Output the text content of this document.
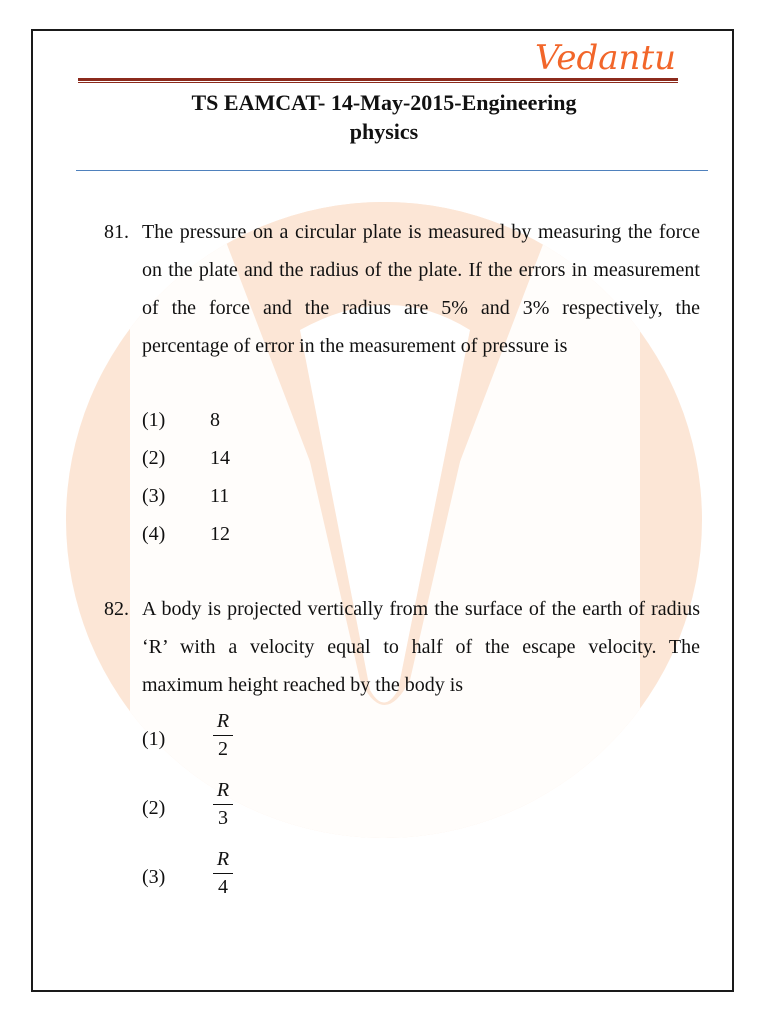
Vedantu
TS EAMCAT- 14-May-2015-Engineering
physics
81. The pressure on a circular plate is measured by measuring the force on the plate and the radius of the plate. If the errors in measurement of the force and the radius are 5% and 3% respectively, the percentage of error in the measurement of pressure is
(1) 8
(2) 14
(3) 11
(4) 12
82. A body is projected vertically from the surface of the earth of radius ‘R’ with a velocity equal to half of the escape velocity. The maximum height reached by the body is
(1)
R
2
(2)
R
3
(3)
R
4
